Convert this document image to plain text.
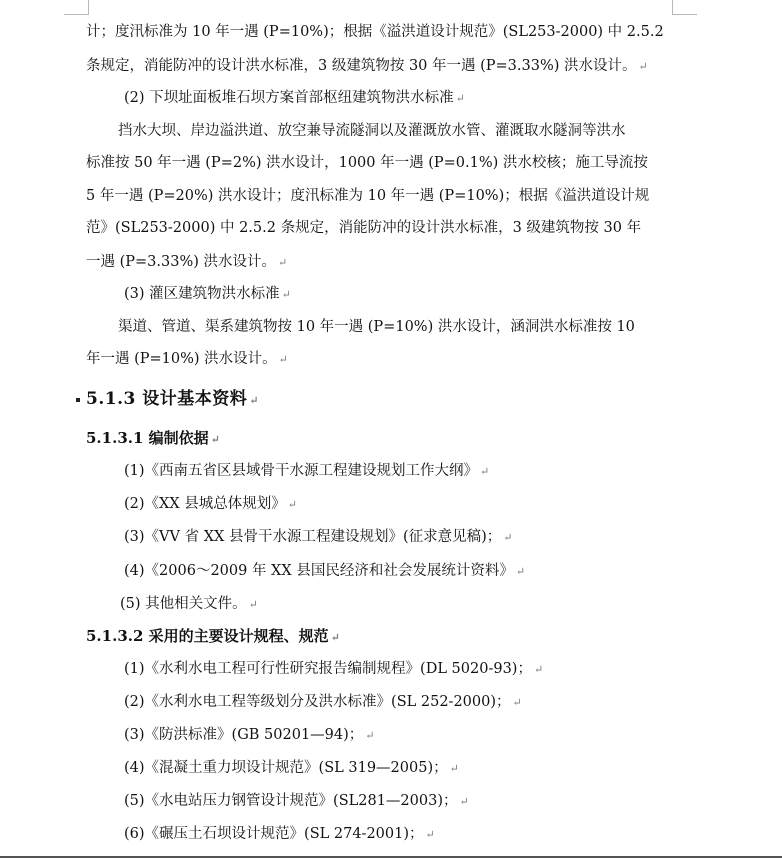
计；度汛标准为 10 年一遇 (P=10%)；根据《溢洪道设计规范》(SL253-2000) 中 2.5.2
条规定，消能防冲的设计洪水标准，3 级建筑物按 30 年一遇 (P=3.33%) 洪水设计。 ↵
(2) 下坝址面板堆石坝方案首部枢纽建筑物洪水标准 ↵
挡水大坝、岸边溢洪道、放空兼导流隧洞以及灌溉放水管、灌溉取水隧洞等洪水
标准按 50 年一遇 (P=2%) 洪水设计，1000 年一遇 (P=0.1%) 洪水校核；施工导流按
5 年一遇 (P=20%) 洪水设计；度汛标准为 10 年一遇 (P=10%)；根据《溢洪道设计规
范》(SL253-2000) 中 2.5.2 条规定，消能防冲的设计洪水标准，3 级建筑物按 30 年
一遇 (P=3.33%) 洪水设计。 ↵
(3) 灌区建筑物洪水标准 ↵
渠道、管道、渠系建筑物按 10 年一遇 (P=10%) 洪水设计，涵洞洪水标准按 10
年一遇 (P=10%) 洪水设计。 ↵
5.1.3 设计基本资料 ↵
5.1.3.1 编制依据 ↵
(1)《西南五省区县域骨干水源工程建设规划工作大纲》 ↵
(2)《XX 县城总体规划》 ↵
(3)《VV 省 XX 县骨干水源工程建设规划》(征求意见稿)； ↵
(4)《2006～2009 年 XX 县国民经济和社会发展统计资料》 ↵
(5) 其他相关文件。 ↵
5.1.3.2 采用的主要设计规程、规范 ↵
(1)《水利水电工程可行性研究报告编制规程》(DL 5020-93)； ↵
(2)《水利水电工程等级划分及洪水标准》(SL 252-2000)； ↵
(3)《防洪标准》(GB 50201—94)； ↵
(4)《混凝土重力坝设计规范》(SL 319—2005)； ↵
(5)《水电站压力钢管设计规范》(SL281—2003)； ↵
(6)《碾压土石坝设计规范》(SL 274-2001)； ↵
